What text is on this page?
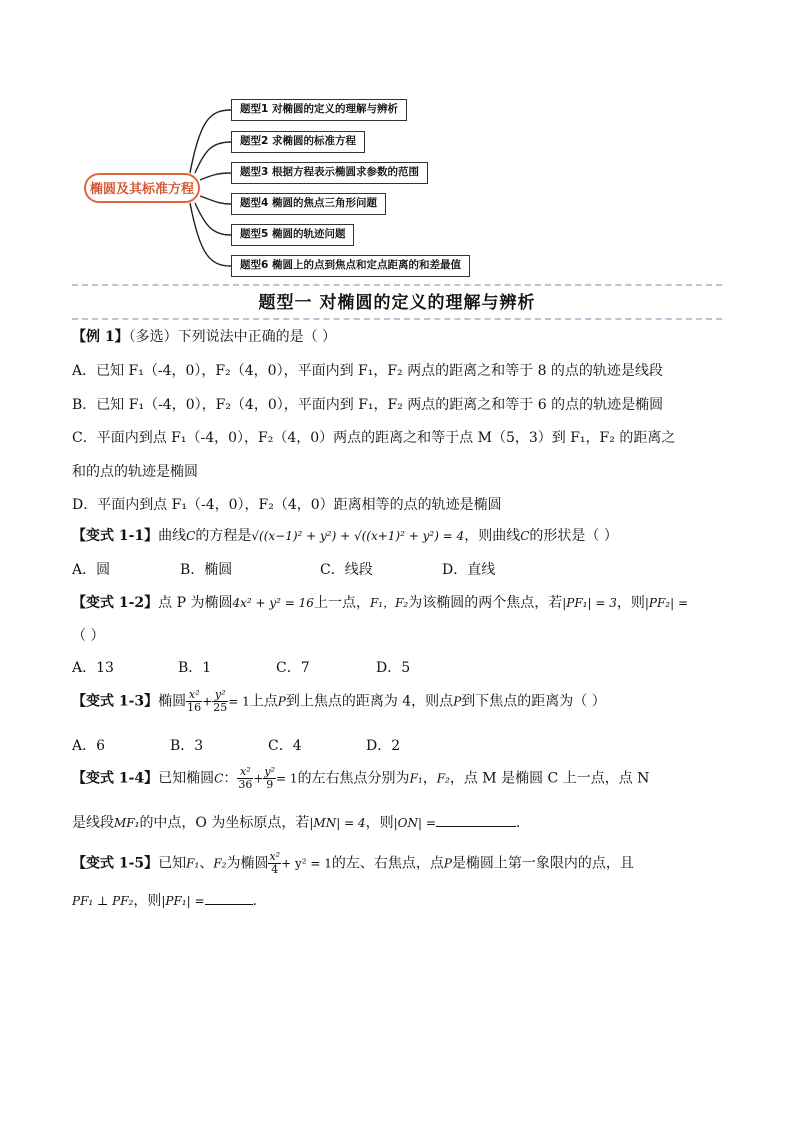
椭圆及其标准方程
题型1 对椭圆的定义的理解与辨析
题型2 求椭圆的标准方程
题型3 根据方程表示椭圆求参数的范围
题型4 椭圆的焦点三角形问题
题型5 椭圆的轨迹问题
题型6 椭圆上的点到焦点和定点距离的和差最值
题型一 对椭圆的定义的理解与辨析
【例 1】（多选）下列说法中正确的是（ ）
A．已知 F₁（-4，0），F₂（4，0），平面内到 F₁，F₂ 两点的距离之和等于 8 的点的轨迹是线段
B．已知 F₁（-4，0），F₂（4，0），平面内到 F₁，F₂ 两点的距离之和等于 6 的点的轨迹是椭圆
C．平面内到点 F₁（-4，0），F₂（4，0）两点的距离之和等于点 M（5，3）到 F₁，F₂ 的距离之
和的点的轨迹是椭圆
D．平面内到点 F₁（-4，0），F₂（4，0）距离相等的点的轨迹是椭圆
【变式 1-1】曲线C的方程是√((x−1)² + y²) + √((x+1)² + y²) = 4，则曲线C的形状是（ ）
A．圆	B．椭圆	C．线段	D．直线
【变式 1-2】点 P 为椭圆4x² + y² = 16上一点，F₁，F₂为该椭圆的两个焦点，若|PF₁| = 3，则|PF₂| =
（ ）
A．13	B．1	C．7	D．5
【变式 1-3】椭圆 $\frac{\text{x²}}{16} + \frac{\text{y²}}{25} = 1$上点P到上焦点的距离为 4，则点P到下焦点的距离为（ ）
A．6	B．3	C．4	D．2
【变式 1-4】已知椭圆C： $\frac{\text{x²}}{36} + \frac{\text{y²}}{9} = 1$的左右焦点分别为F₁，F₂，点 M 是椭圆 C 上一点，点 N
是线段MF₁的中点，O 为坐标原点，若|MN| = 4，则|ON| =	.
【变式 1-5】已知F₁、F₂为椭圆 $\frac{\text{x²}}{4} + y^2 = 1$的左、右焦点，点P是椭圆上第一象限内的点，且
PF₁ ⊥ PF₂，则|PF₁| =	.
